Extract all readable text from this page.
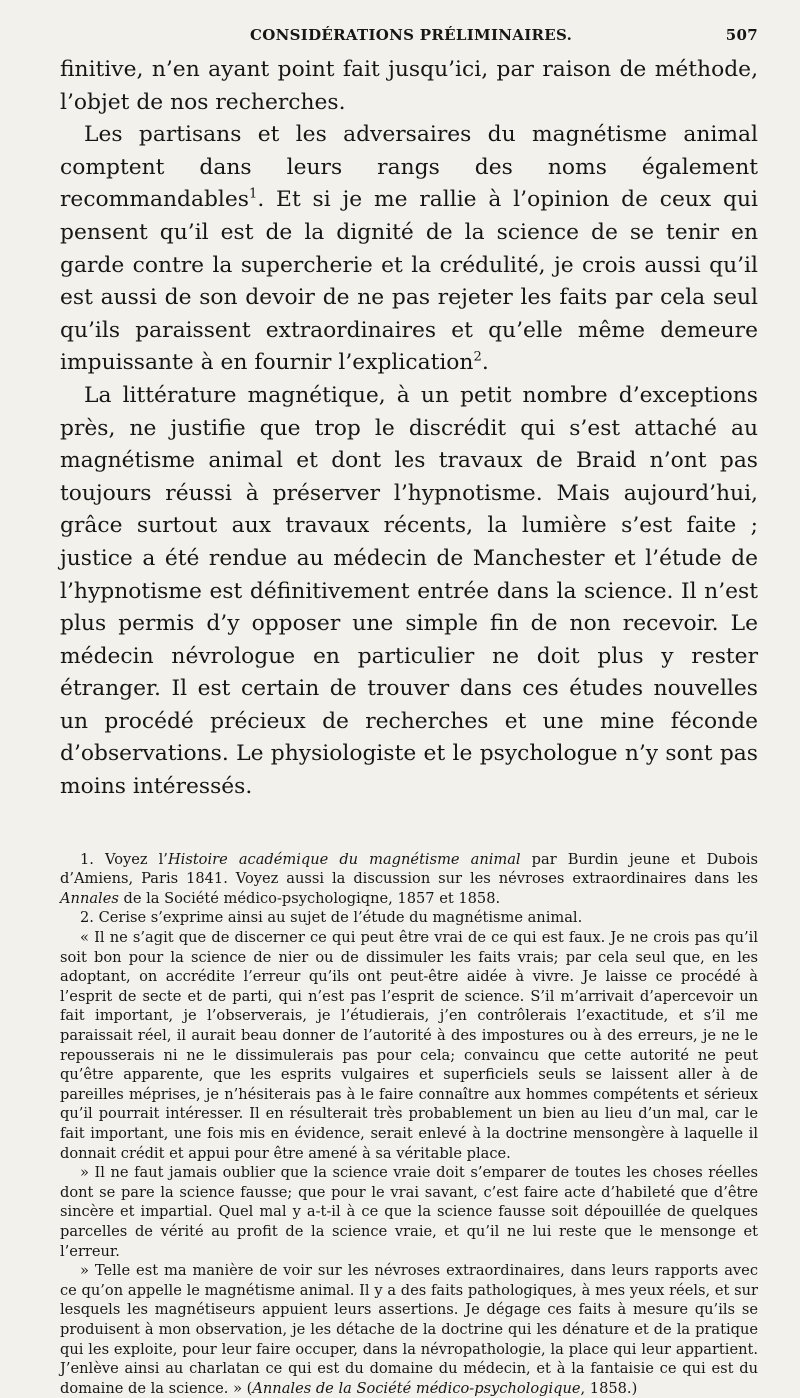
CONSIDÉRATIONS PRÉLIMINAIRES.	507

finitive, n’en ayant point fait jusqu’ici, par raison de méthode, l’objet de nos recherches.

Les partisans et les adversaires du magnétisme animal comptent dans leurs rangs des noms également recommandables$^1$. Et si je me rallie à l’opinion de ceux qui pensent qu’il est de la dignité de la science de se tenir en garde contre la supercherie et la crédulité, je crois aussi qu’il est aussi de son devoir de ne pas rejeter les faits par cela seul qu’ils paraissent extraordinaires et qu’elle même demeure impuissante à en fournir l’explication$^2$.

La littérature magnétique, à un petit nombre d’exceptions près, ne justifie que trop le discrédit qui s’est attaché au magnétisme animal et dont les travaux de Braid n’ont pas toujours réussi à préserver l’hypnotisme. Mais aujourd’hui, grâce surtout aux travaux récents, la lumière s’est faite ; justice a été rendue au médecin de Manchester et l’étude de l’hypnotisme est définitivement entrée dans la science. Il n’est plus permis d’y opposer une simple fin de non recevoir. Le médecin névrologue en particulier ne doit plus y rester étranger. Il est certain de trouver dans ces études nouvelles un procédé précieux de recherches et une mine féconde d’observations. Le physiologiste et le psychologue n’y sont pas moins intéressés.

1. Voyez l’Histoire académique du magnétisme animal par Burdin jeune et Dubois d’Amiens, Paris 1841. Voyez aussi la discussion sur les névroses extraordinaires dans les Annales de la Société médico-psychologiqne, 1857 et 1858.

2. Cerise s’exprime ainsi au sujet de l’étude du magnétisme animal.

« Il ne s’agit que de discerner ce qui peut être vrai de ce qui est faux. Je ne crois pas qu’il soit bon pour la science de nier ou de dissimuler les faits vrais; par cela seul que, en les adoptant, on accrédite l’erreur qu’ils ont peut-être aidée à vivre. Je laisse ce procédé à l’esprit de secte et de parti, qui n’est pas l’esprit de science. S’il m’arrivait d’apercevoir un fait important, je l’observerais, je l’étudierais, j’en contrôlerais l’exactitude, et s’il me paraissait réel, il aurait beau donner de l’autorité à des impostures ou à des erreurs, je ne le repousserais ni ne le dissimulerais pas pour cela; convaincu que cette autorité ne peut qu’être apparente, que les esprits vulgaires et superficiels seuls se laissent aller à de pareilles méprises, je n’hésiterais pas à le faire connaître aux hommes compétents et sérieux qu’il pourrait intéresser. Il en résulterait très probablement un bien au lieu d’un mal, car le fait important, une fois mis en évidence, serait enlevé à la doctrine mensongère à laquelle il donnait crédit et appui pour être amené à sa véritable place.

» Il ne faut jamais oublier que la science vraie doit s’emparer de toutes les choses réelles dont se pare la science fausse; que pour le vrai savant, c’est faire acte d’habileté que d’être sincère et impartial. Quel mal y a-t-il à ce que la science fausse soit dépouillée de quelques parcelles de vérité au profit de la science vraie, et qu’il ne lui reste que le mensonge et l’erreur.

» Telle est ma manière de voir sur les névroses extraordinaires, dans leurs rapports avec ce qu’on appelle le magnétisme animal. Il y a des faits pathologiques, à mes yeux réels, et sur lesquels les magnétiseurs appuient leurs assertions. Je dégage ces faits à mesure qu’ils se produisent à mon observation, je les détache de la doctrine qui les dénature et de la pratique qui les exploite, pour leur faire occuper, dans la névropathologie, la place qui leur appartient. J’enlève ainsi au charlatan ce qui est du domaine du médecin, et à la fantaisie ce qui est du domaine de la science. » (Annales de la Société médico-psychologique, 1858.)
